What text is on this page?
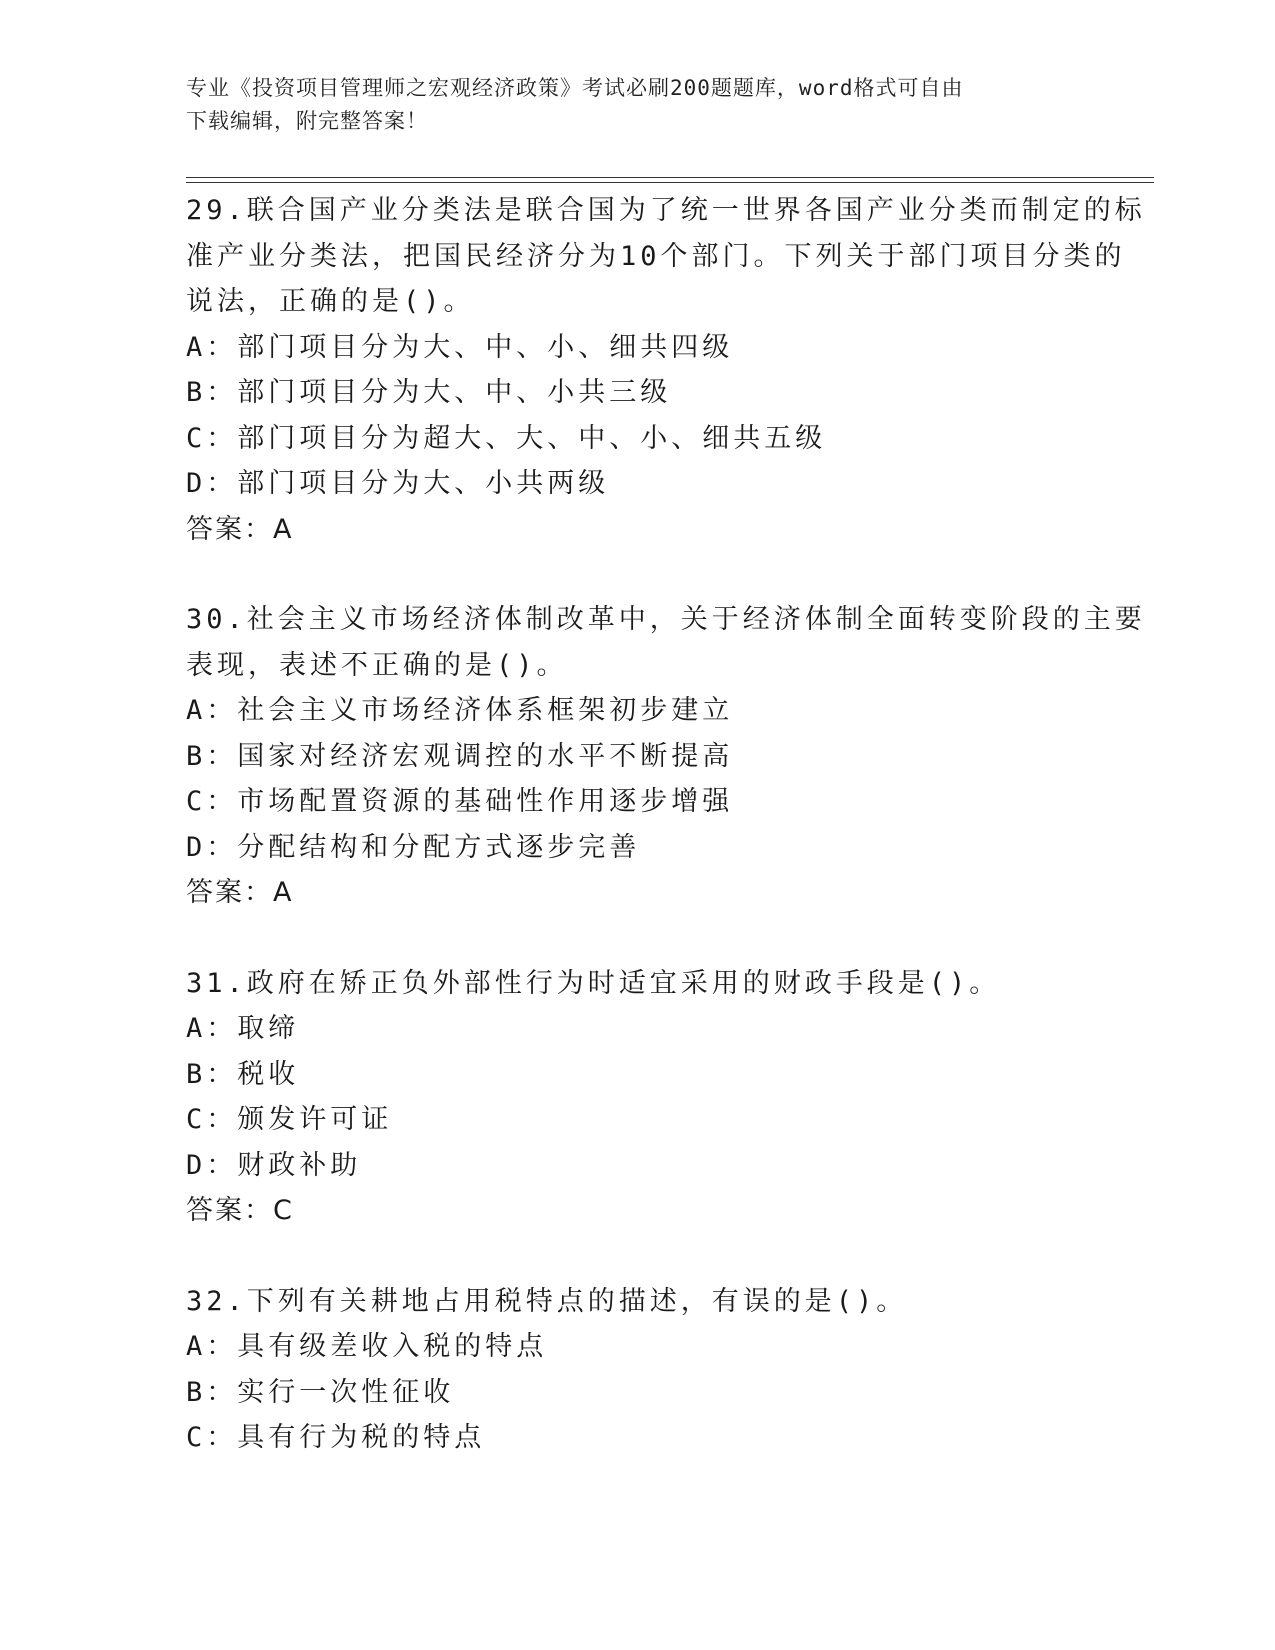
专业《投资项目管理师之宏观经济政策》考试必刷200题题库，word格式可自由
下载编辑，附完整答案！
29.联合国产业分类法是联合国为了统一世界各国产业分类而制定的标
准产业分类法，把国民经济分为10个部门。下列关于部门项目分类的
说法，正确的是()。
A：部门项目分为大、中、小、细共四级
B：部门项目分为大、中、小共三级
C：部门项目分为超大、大、中、小、细共五级
D：部门项目分为大、小共两级
答案：A
30.社会主义市场经济体制改革中，关于经济体制全面转变阶段的主要
表现，表述不正确的是()。
A：社会主义市场经济体系框架初步建立
B：国家对经济宏观调控的水平不断提高
C：市场配置资源的基础性作用逐步增强
D：分配结构和分配方式逐步完善
答案：A
31.政府在矫正负外部性行为时适宜采用的财政手段是()。
A：取缔
B：税收
C：颁发许可证
D：财政补助
答案：C
32.下列有关耕地占用税特点的描述，有误的是()。
A：具有级差收入税的特点
B：实行一次性征收
C：具有行为税的特点
